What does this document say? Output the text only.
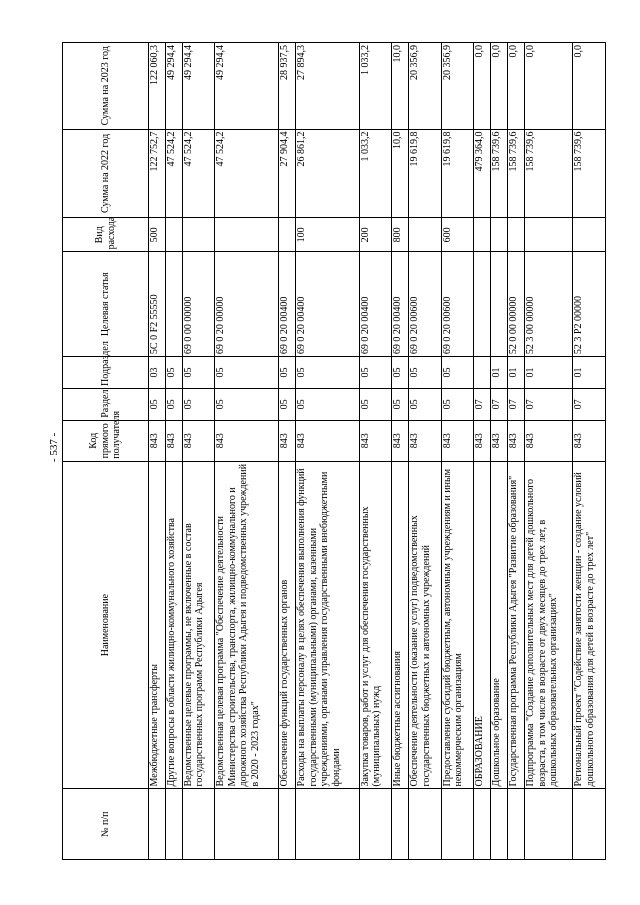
- 537 -
№ п/п	Наименование	Код прямого получателя	Раздел	Подраздел	Целевая статья	Вид расхода	Сумма на 2022 год	Сумма на 2023 год
	Межбюджетные трансферты	843	05	03	5С 0 F2 55550	500	122 752,7	122 060,3
	Другие вопросы в области жилищно-коммунального хозяйства	843	05	05			47 524,2	49 294,4
	Ведомственные целевые программы, не включенные в состав государственных программ Республики Адыгея	843	05	05	69 0 00 00000		47 524,2	49 294,4
	Ведомственная целевая программа "Обеспечение деятельности Министерства строительства, транспорта, жилищно-коммунального и дорожного хозяйства Республики Адыгея и подведомственных учреждений в 2020 - 2023 годах"	843	05	05	69 0 20 00000		47 524,2	49 294,4
	Обеспечение функций государственных органов	843	05	05	69 0 20 00400		27 904,4	28 937,5
	Расходы на выплаты персоналу в целях обеспечения выполнения функций государственными (муниципальными) органами, казенными учреждениями, органами управления государственными внебюджетными фондами	843	05	05	69 0 20 00400	100	26 861,2	27 894,3
	Закупка товаров, работ и услуг для обеспечения государственных (муниципальных) нужд	843	05	05	69 0 20 00400	200	1 033,2	1 033,2
	Иные бюджетные ассигнования	843	05	05	69 0 20 00400	800	10,0	10,0
	Обеспечение деятельности (оказание услуг) подведомственных государственных бюджетных и автономных учреждений	843	05	05	69 0 20 00600		19 619,8	20 356,9
	Предоставление субсидий бюджетным, автономным учреждениям и иным некоммерческим организациям	843	05	05	69 0 20 00600	600	19 619,8	20 356,9
	ОБРАЗОВАНИЕ	843	07				479 364,0	0,0
	Дошкольное образование	843	07	01			158 739,6	0,0
	Государственная программа Республики Адыгея "Развитие образования"	843	07	01	52 0 00 00000		158 739,6	0,0
	Подпрограмма "Создание дополнительных мест для детей дошкольного возраста, в том числе в возрасте от двух месяцев до трех лет, в дошкольных образовательных организациях"	843	07	01	52 3 00 00000		158 739,6	0,0
	Региональный проект "Содействие занятости женщин - создание условий дошкольного образования для детей в возрасте до трех лет"	843	07	01	52 3 Р2 00000		158 739,6	0,0
